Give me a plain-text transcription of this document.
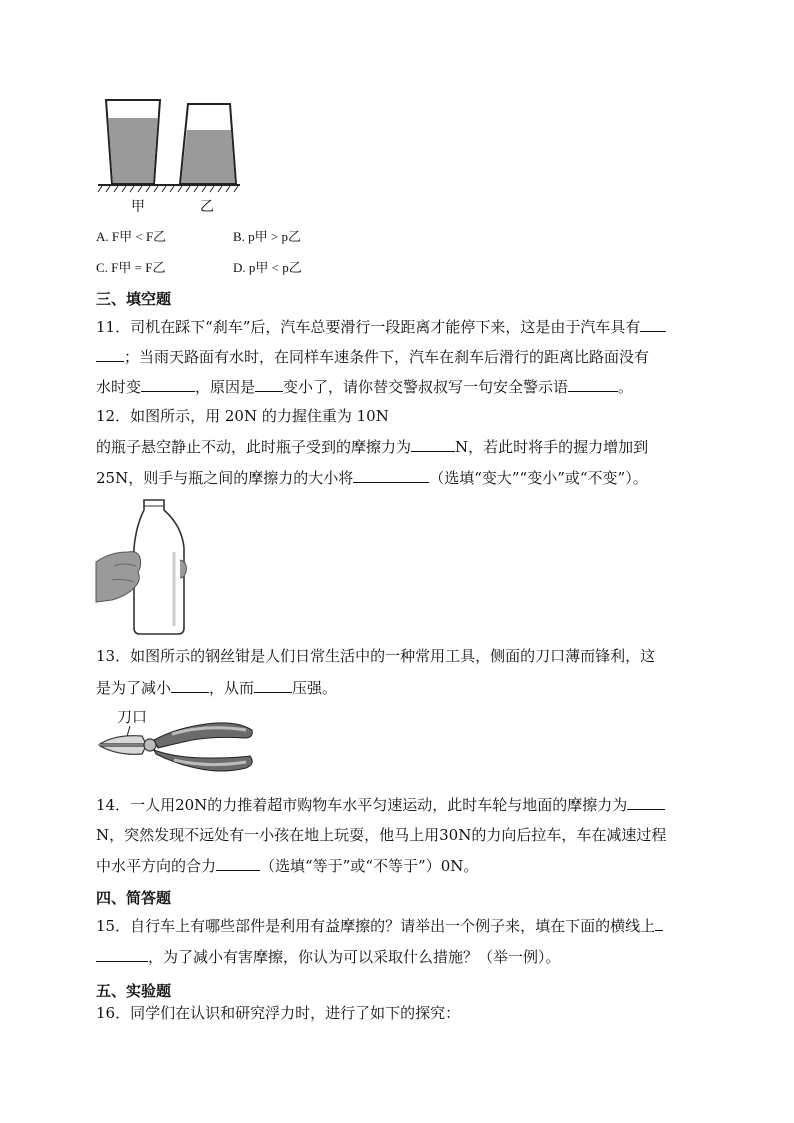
甲	乙
A. F甲 < F乙	B. p甲 > p乙
C. F甲 = F乙	D. p甲 < p乙
三、填空题
11．司机在踩下“刹车”后，汽车总要滑行一段距离才能停下来，这是由于汽车具有
；当雨天路面有水时，在同样车速条件下，汽车在刹车后滑行的距离比路面没有
水时变	，原因是 变小了，请你替交警叔叔写一句安全警示语	。
12．如图所示，用 20N 的力握住重为 10N
的瓶子悬空静止不动，此时瓶子受到的摩擦力为	N，若此时将手的握力增加到
25N，则手与瓶之间的摩擦力的大小将	（选填“变大”“变小”或“不变”）。
13．如图所示的钢丝钳是人们日常生活中的一种常用工具，侧面的刀口薄而锋利，这
是为了减小	，从而	压强。
刀口
14．一人用20N的力推着超市购物车水平匀速运动，此时车轮与地面的摩擦力为
N，突然发现不远处有一小孩在地上玩耍，他马上用30N的力向后拉车，车在减速过程
中水平方向的合力	（选填“等于”或“不等于”）0N。
四、简答题
15．自行车上有哪些部件是利用有益摩擦的？请举出一个例子来，填在下面的横线上
，为了减小有害摩擦，你认为可以采取什么措施？（举一例）。
五、实验题
16．同学们在认识和研究浮力时，进行了如下的探究：
